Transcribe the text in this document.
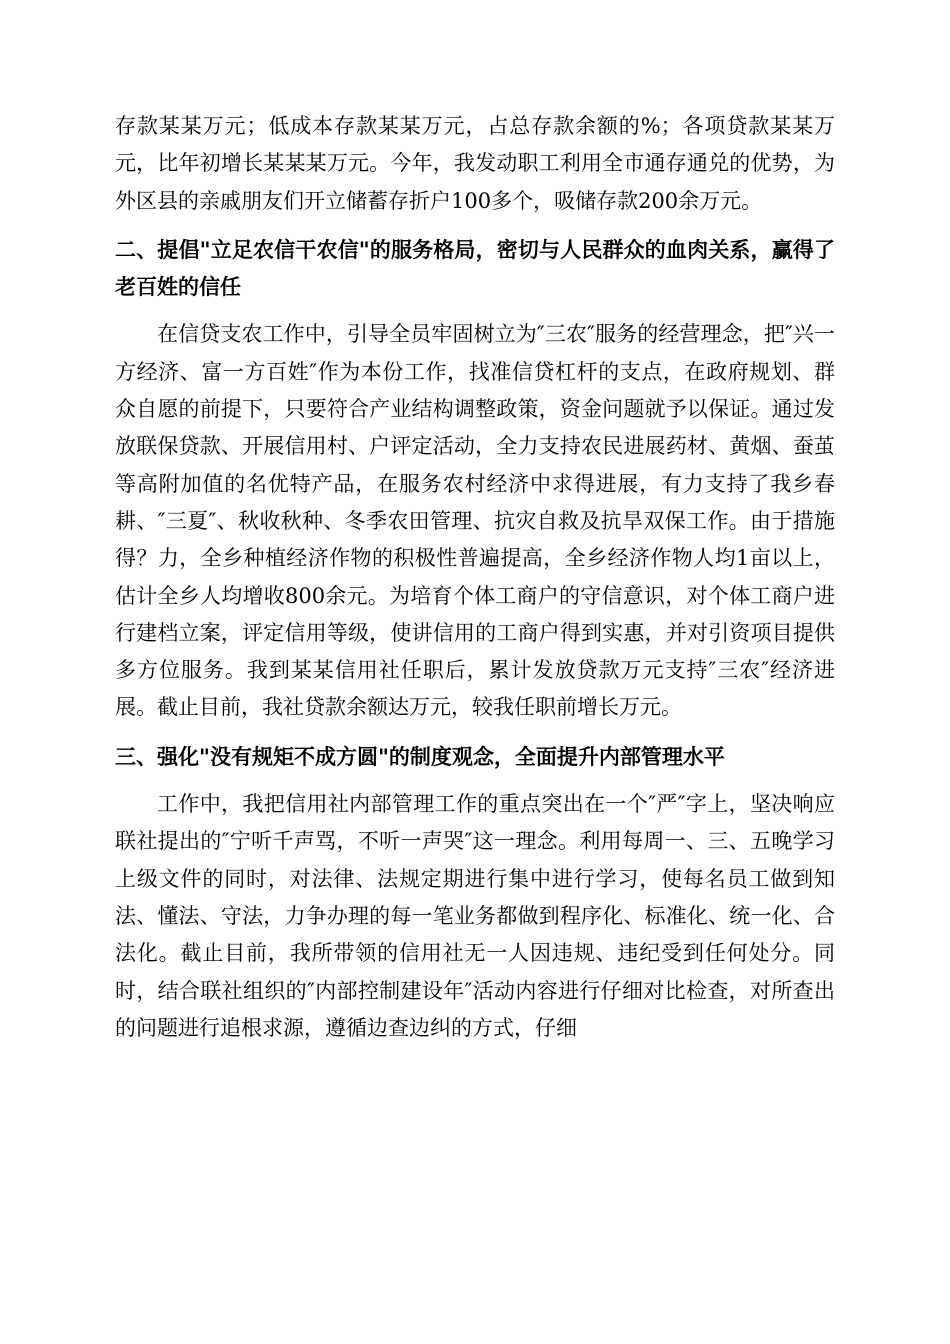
存款某某万元；低成本存款某某万元，占总存款余额的%；各项贷款某某万元，比年初增长某某某万元。今年，我发动职工利用全市通存通兑的优势，为外区县的亲戚朋友们开立储蓄存折户100多个，吸储存款200余万元。

二、提倡"立足农信干农信"的服务格局，密切与人民群众的血肉关系，赢得了老百姓的信任

在信贷支农工作中，引导全员牢固树立为″三农″服务的经营理念，把″兴一方经济、富一方百姓″作为本份工作，找准信贷杠杆的支点，在政府规划、群众自愿的前提下，只要符合产业结构调整政策，资金问题就予以保证。通过发放联保贷款、开展信用村、户评定活动，全力支持农民进展药材、黄烟、蚕茧等高附加值的名优特产品，在服务农村经济中求得进展，有力支持了我乡春耕、″三夏″、秋收秋种、冬季农田管理、抗灾自救及抗旱双保工作。由于措施得？力，全乡种植经济作物的积极性普遍提高，全乡经济作物人均1亩以上，估计全乡人均增收800余元。为培育个体工商户的守信意识，对个体工商户进行建档立案，评定信用等级，使讲信用的工商户得到实惠，并对引资项目提供多方位服务。我到某某信用社任职后，累计发放贷款万元支持″三农″经济进展。截止目前，我社贷款余额达万元，较我任职前增长万元。

三、强化"没有规矩不成方圆"的制度观念，全面提升内部管理水平

工作中，我把信用社内部管理工作的重点突出在一个″严″字上，坚决响应联社提出的″宁听千声骂，不听一声哭″这一理念。利用每周一、三、五晚学习上级文件的同时，对法律、法规定期进行集中进行学习，使每名员工做到知法、懂法、守法，力争办理的每一笔业务都做到程序化、标准化、统一化、合法化。截止目前，我所带领的信用社无一人因违规、违纪受到任何处分。同时，结合联社组织的″内部控制建设年″活动内容进行仔细对比检查，对所查出的问题进行追根求源，遵循边查边纠的方式，仔细
